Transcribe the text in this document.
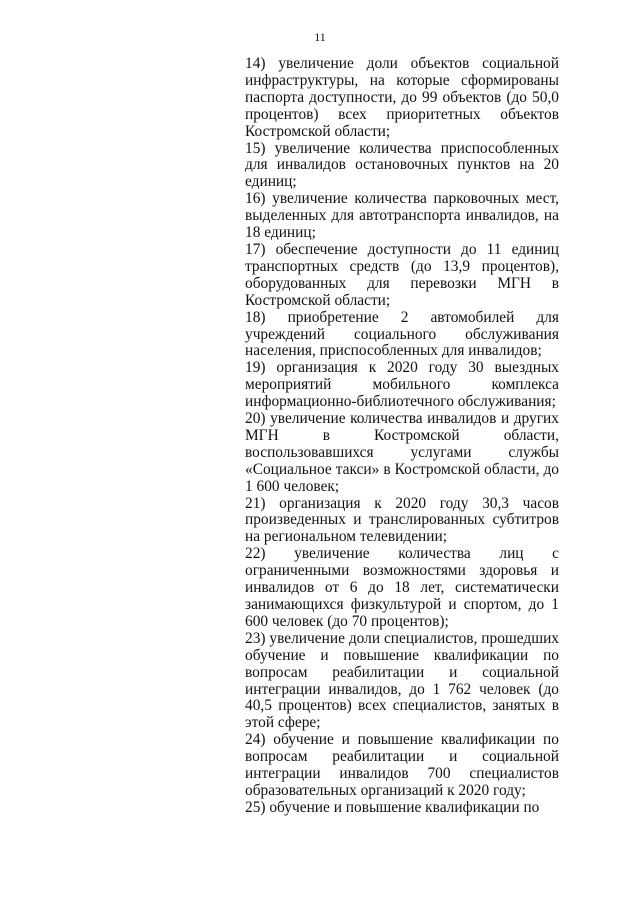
11

14) увеличение доли объектов социальной инфраструктуры, на которые сформированы паспорта доступности, до 99 объектов (до 50,0 процентов) всех приоритетных объектов Костромской области;

15) увеличение количества приспособленных для инвалидов остановочных пунктов на 20 единиц;

16) увеличение количества парковочных мест, выделенных для автотранспорта инвалидов, на 18 единиц;

17) обеспечение доступности до 11 единиц транспортных средств (до 13,9 процентов), оборудованных для перевозки МГН в Костромской области;

18) приобретение 2 автомобилей для учреждений социального обслуживания населения, приспособленных для инвалидов;

19) организация к 2020 году 30 выездных мероприятий мобильного комплекса информационно-библиотечного обслуживания;

20) увеличение количества инвалидов и других МГН в Костромской области, воспользовавшихся услугами службы «Социальное такси» в Костромской области, до 1 600 человек;

21) организация к 2020 году 30,3 часов произведенных и транслированных субтитров на региональном телевидении;

22) увеличение количества лиц с ограниченными возможностями здоровья и инвалидов от 6 до 18 лет, систематически занимающихся физкультурой и спортом, до 1 600 человек (до 70 процентов);

23) увеличение доли специалистов, прошедших обучение и повышение квалификации по вопросам реабилитации и социальной интеграции инвалидов, до 1 762 человек (до 40,5 процентов) всех специалистов, занятых в этой сфере;

24) обучение и повышение квалификации по вопросам реабилитации и социальной интеграции инвалидов 700 специалистов образовательных организаций к 2020 году;

25) обучение и повышение квалификации по
